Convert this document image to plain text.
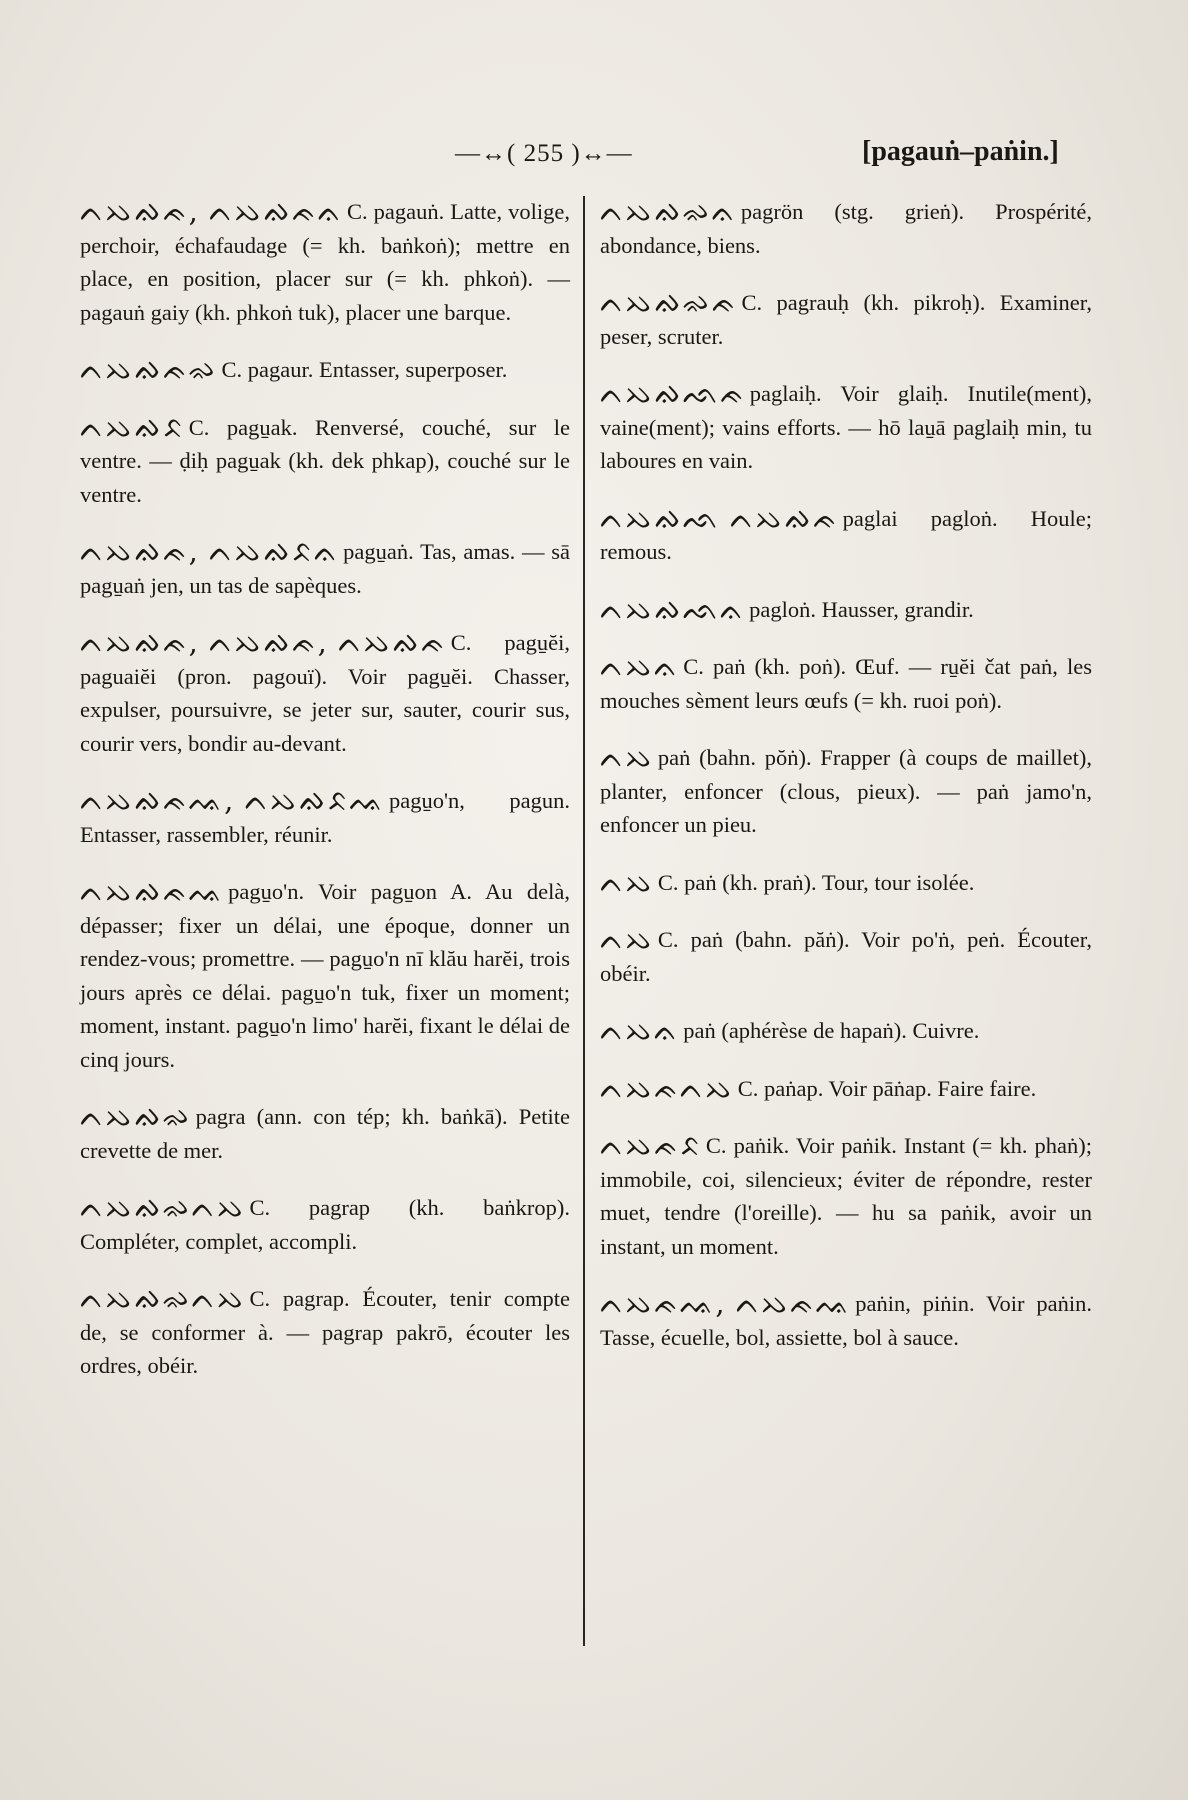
—↔( 255 )↔—	[pagauṅ–paṅin.]

ᨈᨇᨁᨃ, ᨈᨇᨁᨃᨊ C. pagauṅ. Latte, volige, perchoir, échafaudage (= kh. baṅkoṅ); mettre en place, en position, placer sur (= kh. phkoṅ). — pagauṅ gaiy (kh. phkoṅ tuk), placer une barque.

ᨈᨇᨁᨃᨋ C. pagaur. Entasser, superposer.

ᨈᨇᨁᨅ C. pagu̱ak. Renversé, couché, sur le ventre. — ḍiḥ pagu̱ak (kh. dek phkap), couché sur le ventre.

ᨈᨇᨁᨃ, ᨈᨇᨁᨅᨊ pagu̱aṅ. Tas, amas. — sā pagu̱aṅ jen, un tas de sapèques.

ᨈᨇᨁᨃ, ᨈᨇᨁᨃ, ᨈᨇᨁᨃ C. pagu̱ĕi, paguaiĕi (pron. pagouï). Voir pagu̱ĕi. Chasser, expulser, poursuivre, se jeter sur, sauter, courir sus, courir vers, bondir au-devant.

ᨈᨇᨁᨃᨕ, ᨈᨇᨁᨅᨕ pagu̱o'n, pagun. Entasser, rassembler, réunir.

ᨈᨇᨁᨃᨕ pagu̱o'n. Voir pagu̱on A. Au delà, dépasser; fixer un délai, une époque, donner un rendez-vous; promettre. — pagu̱o'n nī klău harĕi, trois jours après ce délai. pagu̱o'n tuk, fixer un moment; moment, instant. pagu̱o'n limo' harĕi, fixant le délai de cinq jours.

ᨈᨇᨁᨋ pagra (ann. con tép; kh. baṅkā). Petite crevette de mer.

ᨈᨇᨁᨋᨈᨇ C. pagrap (kh. baṅkrop). Compléter, complet, accompli.

ᨈᨇᨁᨋᨈᨇ C. pagrap. Écouter, tenir compte de, se conformer à. — pagrap pakrō, écouter les ordres, obéir.

ᨈᨇᨁᨋᨊ pagrön (stg. grieṅ). Prospérité, abondance, biens.

ᨈᨇᨁᨋᨃ C. pagrauḥ (kh. pikroḥ). Examiner, peser, scruter.

ᨈᨇᨁᨒᨃ paglaiḥ. Voir glaiḥ. Inutile(ment), vaine(ment); vains efforts. — hō lau̱ā paglaiḥ min, tu laboures en vain.

ᨈᨇᨁᨒ ᨈᨇᨁᨃ paglai pagloṅ. Houle; remous.

ᨈᨇᨁᨒᨊ pagloṅ. Hausser, grandir.

ᨈᨇᨊ C. paṅ (kh. poṅ). Œuf. — ru̱ĕi čat paṅ, les mouches sèment leurs œufs (= kh. ruoi poṅ).

ᨈᨇ paṅ (bahn. pŏṅ). Frapper (à coups de maillet), planter, enfoncer (clous, pieux). — paṅ jamo'n, enfoncer un pieu.

ᨈᨇ C. paṅ (kh. praṅ). Tour, tour isolée.

ᨈᨇ C. paṅ (bahn. păṅ). Voir po'ṅ, peṅ. Écouter, obéir.

ᨈᨇᨊ paṅ (aphérèse de hapaṅ). Cuivre.

ᨈᨇᨃᨈᨇ C. paṅap. Voir pāṅap. Faire faire.

ᨈᨇᨃᨅ C. paṅik. Voir paṅik. Instant (= kh. phaṅ); immobile, coi, silencieux; éviter de répondre, rester muet, tendre (l'oreille). — hu sa paṅik, avoir un instant, un moment.

ᨈᨇᨃᨕ, ᨈᨇᨃᨕ paṅin, piṅin. Voir paṅin. Tasse, écuelle, bol, assiette, bol à sauce.
